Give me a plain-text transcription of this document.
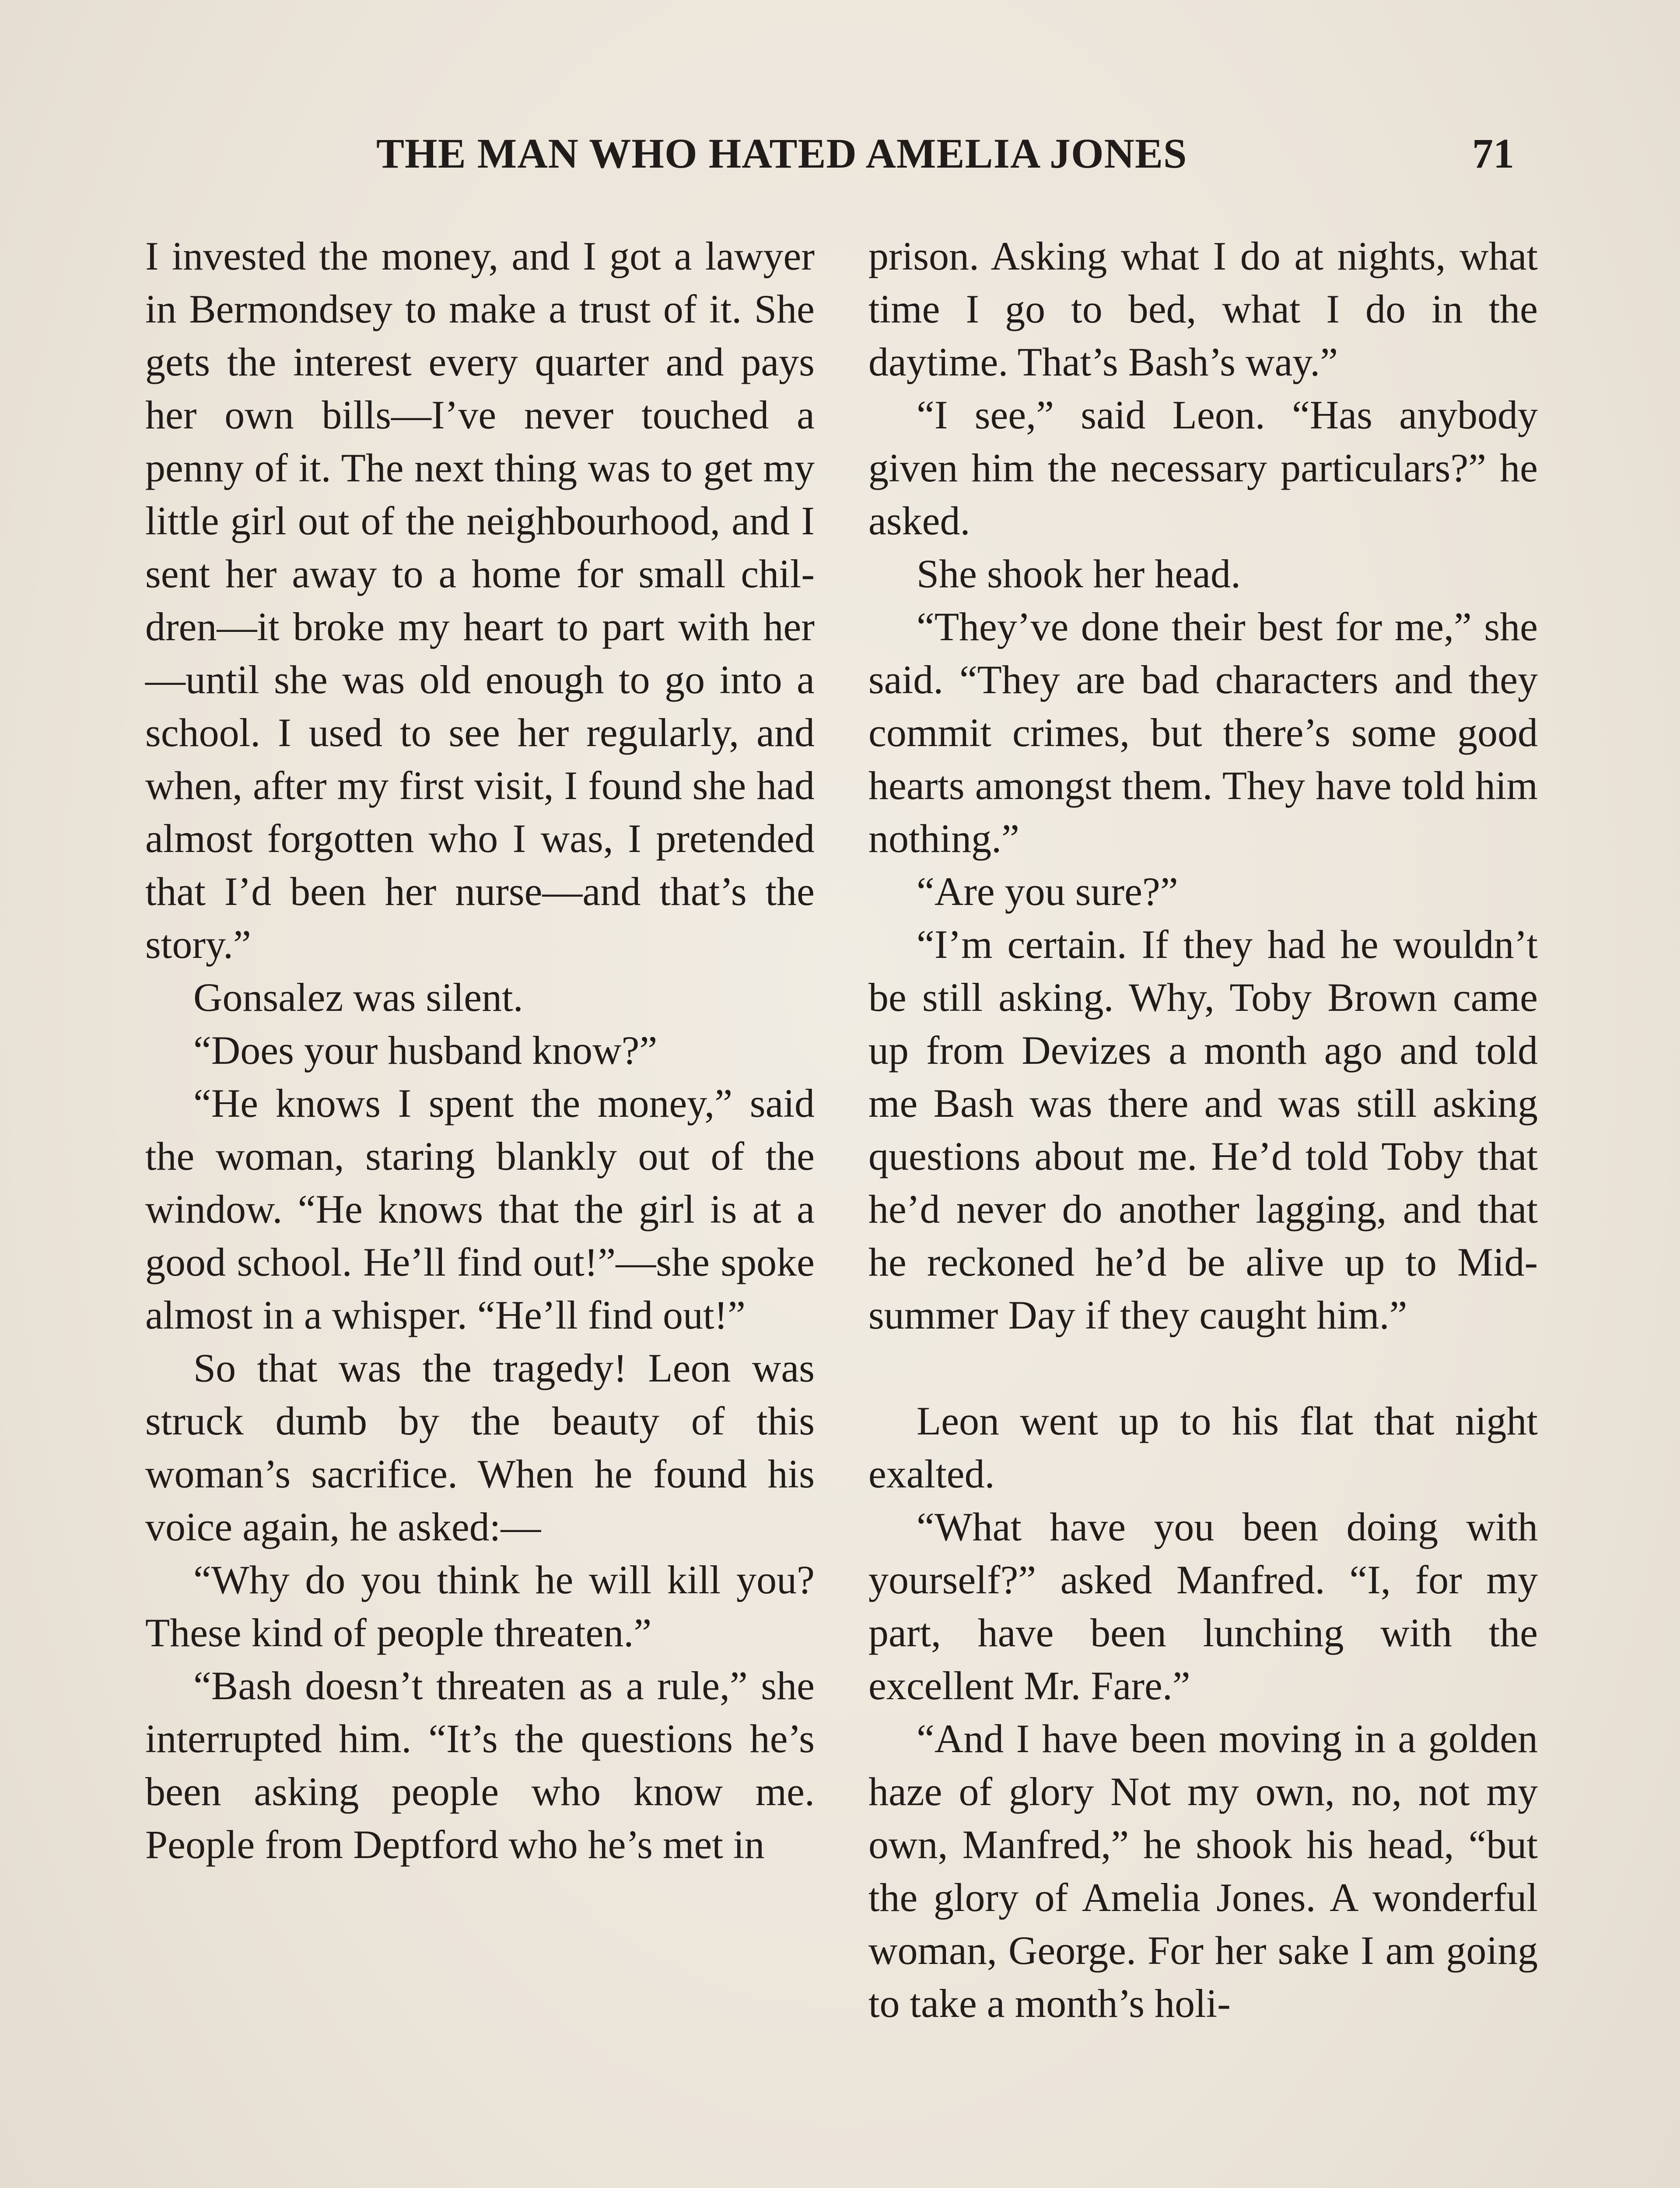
THE MAN WHO HATED AMELIA JONES	71

I invested the money, and I got a lawyer in Bermondsey to make a trust of it. She gets the interest every quarter and pays her own bills—I’ve never touched a penny of it. The next thing was to get my little girl out of the neighbourhood, and I sent her away to a home for small children—it broke my heart to part with her—until she was old enough to go into a school. I used to see her regularly, and when, after my first visit, I found she had almost forgotten who I was, I pretended that I’d been her nurse—and that’s the story.”

Gonsalez was silent.

“Does your husband know?”

“He knows I spent the money,” said the woman, staring blankly out of the window. “He knows that the girl is at a good school. He’ll find out!”—she spoke almost in a whisper. “He’ll find out!”

So that was the tragedy! Leon was struck dumb by the beauty of this woman’s sacrifice. When he found his voice again, he asked:—

“Why do you think he will kill you? These kind of people threaten.”

“Bash doesn’t threaten as a rule,” she interrupted him. “It’s the questions he’s been asking people who know me. People from Deptford who he’s met in

prison. Asking what I do at nights, what time I go to bed, what I do in the daytime. That’s Bash’s way.”

“I see,” said Leon. “Has anybody given him the necessary particulars?” he asked.

She shook her head.

“They’ve done their best for me,” she said. “They are bad characters and they commit crimes, but there’s some good hearts amongst them. They have told him nothing.”

“Are you sure?”

“I’m certain. If they had he wouldn’t be still asking. Why, Toby Brown came up from Devizes a month ago and told me Bash was there and was still asking questions about me. He’d told Toby that he’d never do another lagging, and that he reckoned he’d be alive up to Midsummer Day if they caught him.”

Leon went up to his flat that night exalted.

“What have you been doing with yourself?” asked Manfred. “I, for my part, have been lunching with the excellent Mr. Fare.”

“And I have been moving in a golden haze of glory Not my own, no, not my own, Manfred,” he shook his head, “but the glory of Amelia Jones. A wonderful woman, George. For her sake I am going to take a month’s holi-
